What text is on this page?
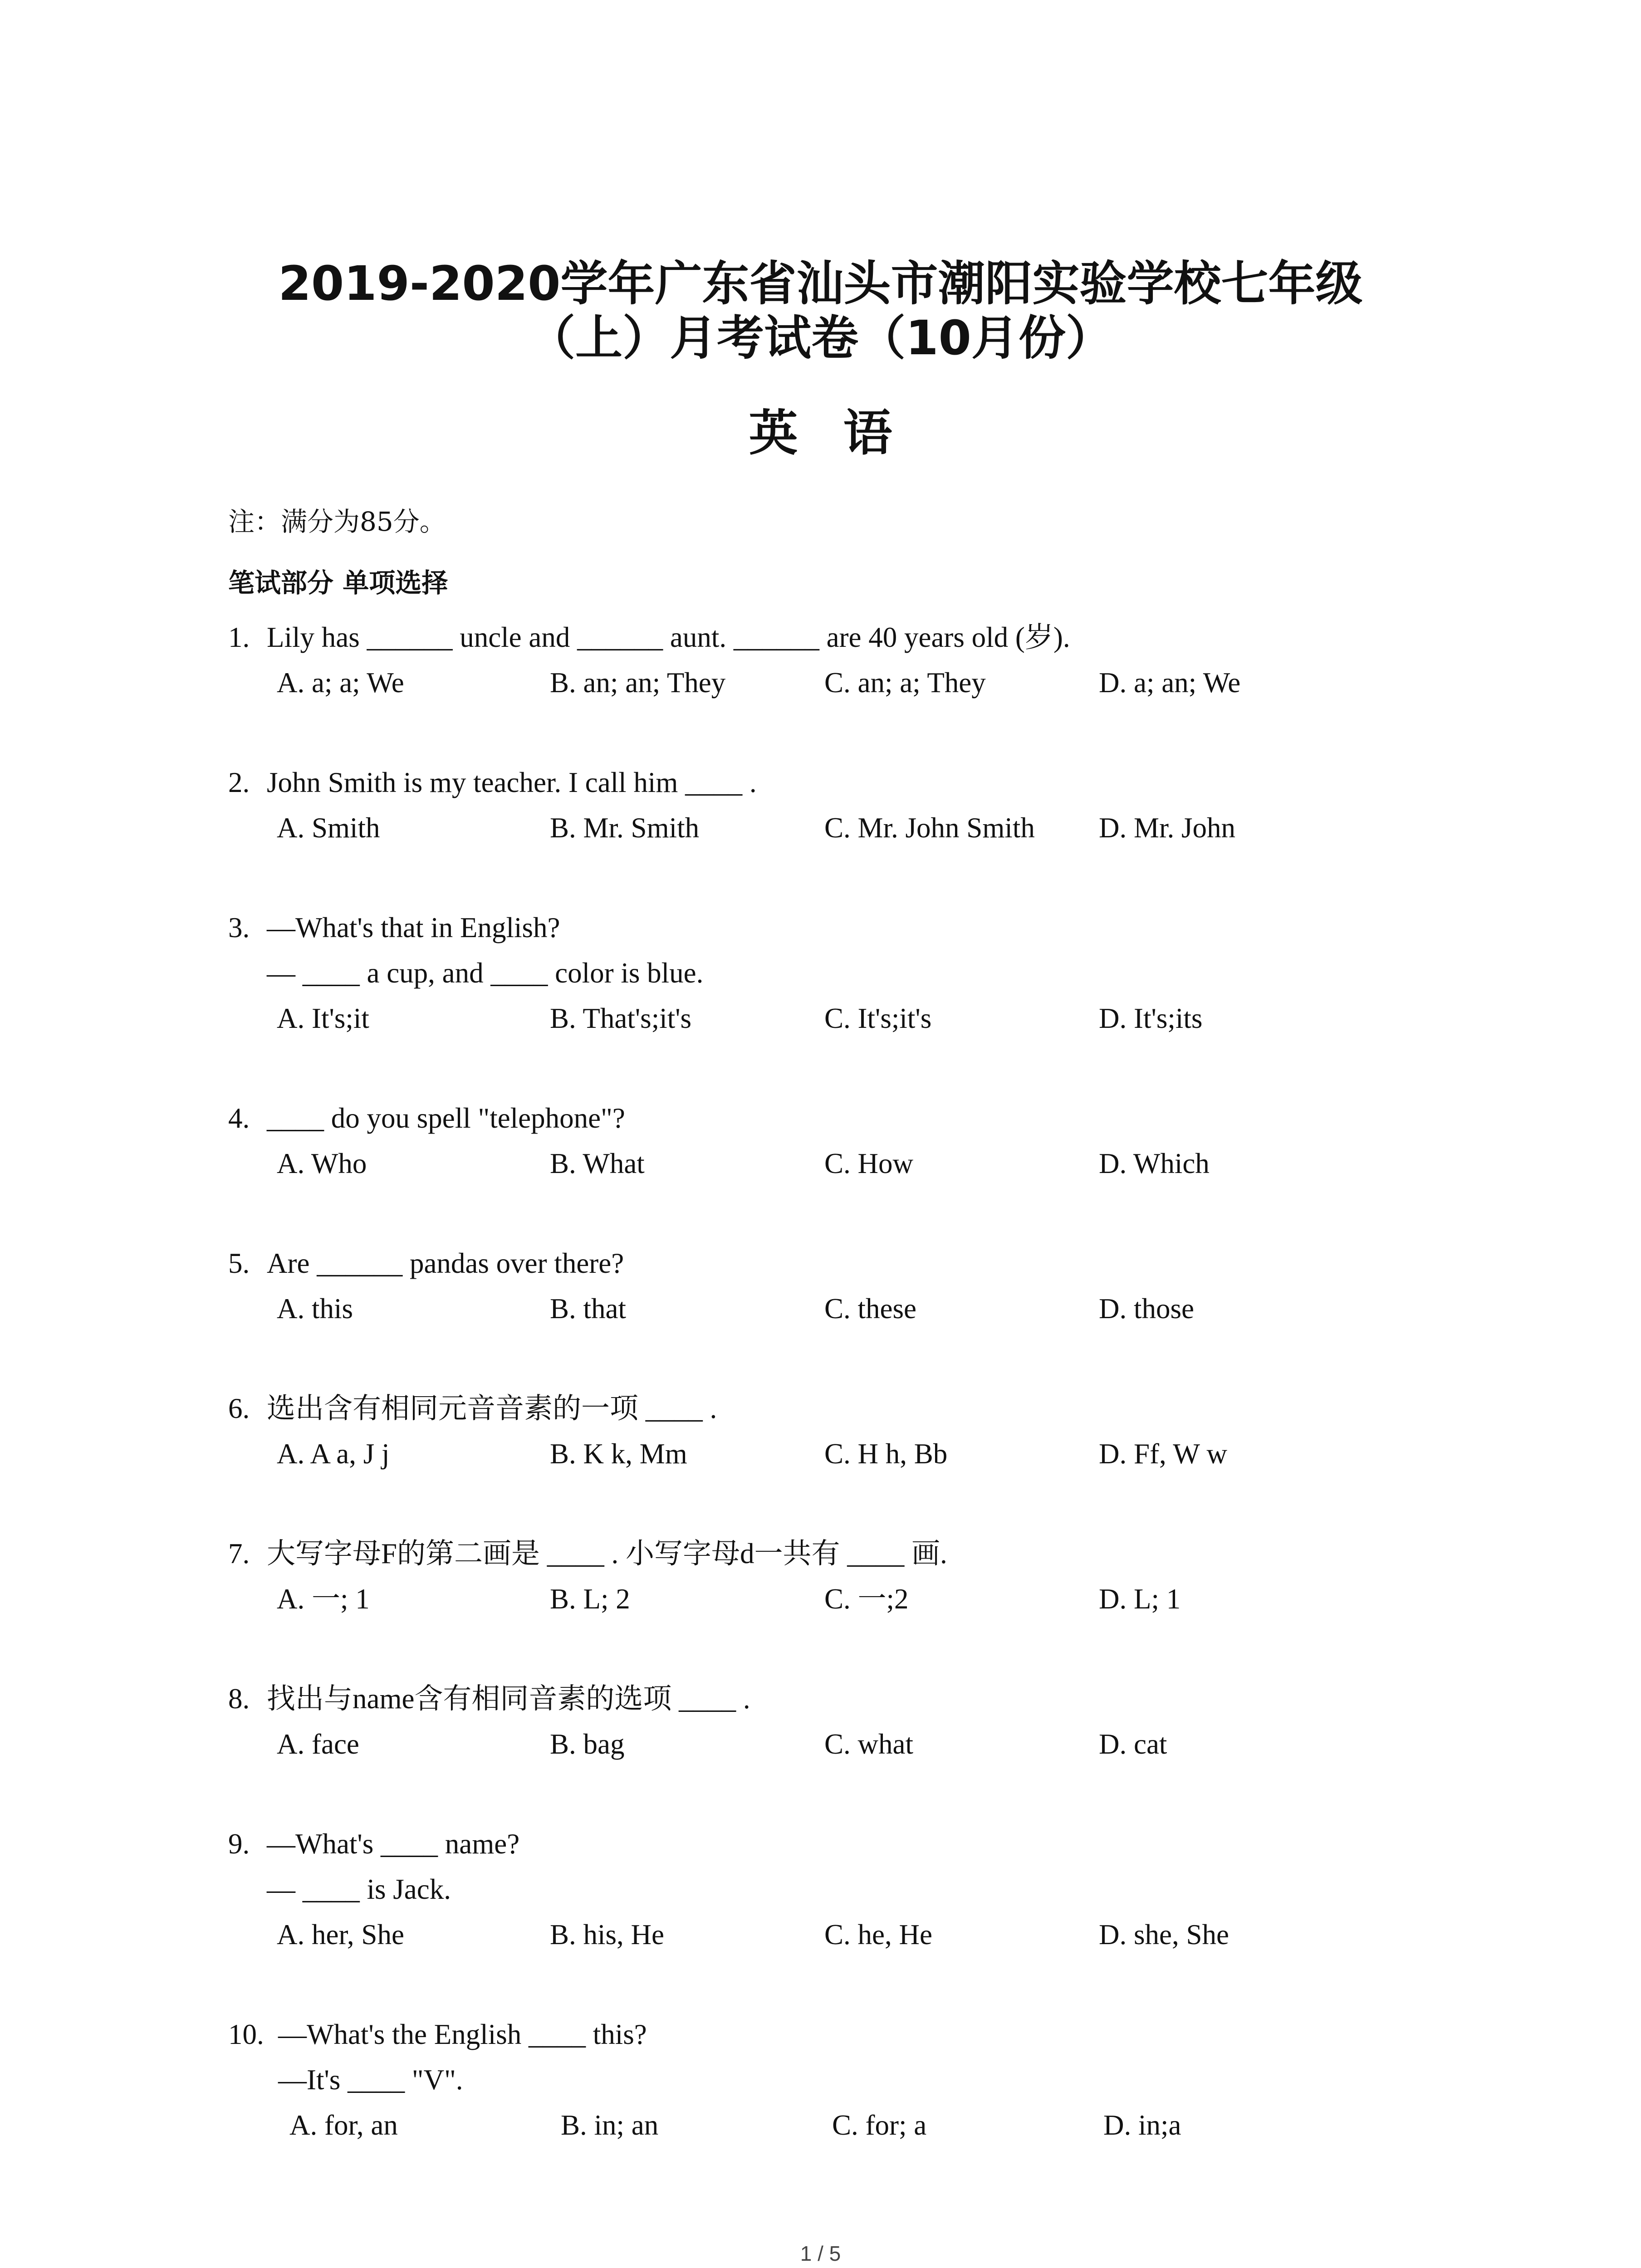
2019-2020学年广东省汕头市潮阳实验学校七年级
（上）月考试卷（10月份）
英语
注：满分为85分。
笔试部分 单项选择
1. Lily has ______ uncle and ______ aunt. ______ are 40 years old (岁).
A. a; a; We	B. an; an; They	C. an; a; They	D. a; an; We
2. John Smith is my teacher. I call him ____ .
A. Smith	B. Mr. Smith	C. Mr. John Smith D. Mr. John
3. —What's that in English?
— ____ a cup, and ____ color is blue.
A. It's;it	B. That's;it's	C. It's;it's	D. It's;its
4. ____ do you spell "telephone"?
A. Who	B. What	C. How	D. Which
5. Are ______ pandas over there?
A. this	B. that	C. these	D. those
6. 选出含有相同元音音素的一项 ____ .
A. A a, J j	B. K k, Mm	C. H h, Bb	D. Ff, W w
7. 大写字母F的第二画是 ____ . 小写字母d一共有 ____ 画.
A. 一; 1	B. L; 2	C. 一;2	D. L; 1
8. 找出与name含有相同音素的选项 ____ .
A. face	B. bag	C. what	D. cat
9. —What's ____ name?
— ____ is Jack.
A. her, She	B. his, He	C. he, He	D. she, She
10. —What's the English ____ this?
—It's ____ "V".
A. for, an	B. in; an	C. for; a	D. in;a
1 / 5
